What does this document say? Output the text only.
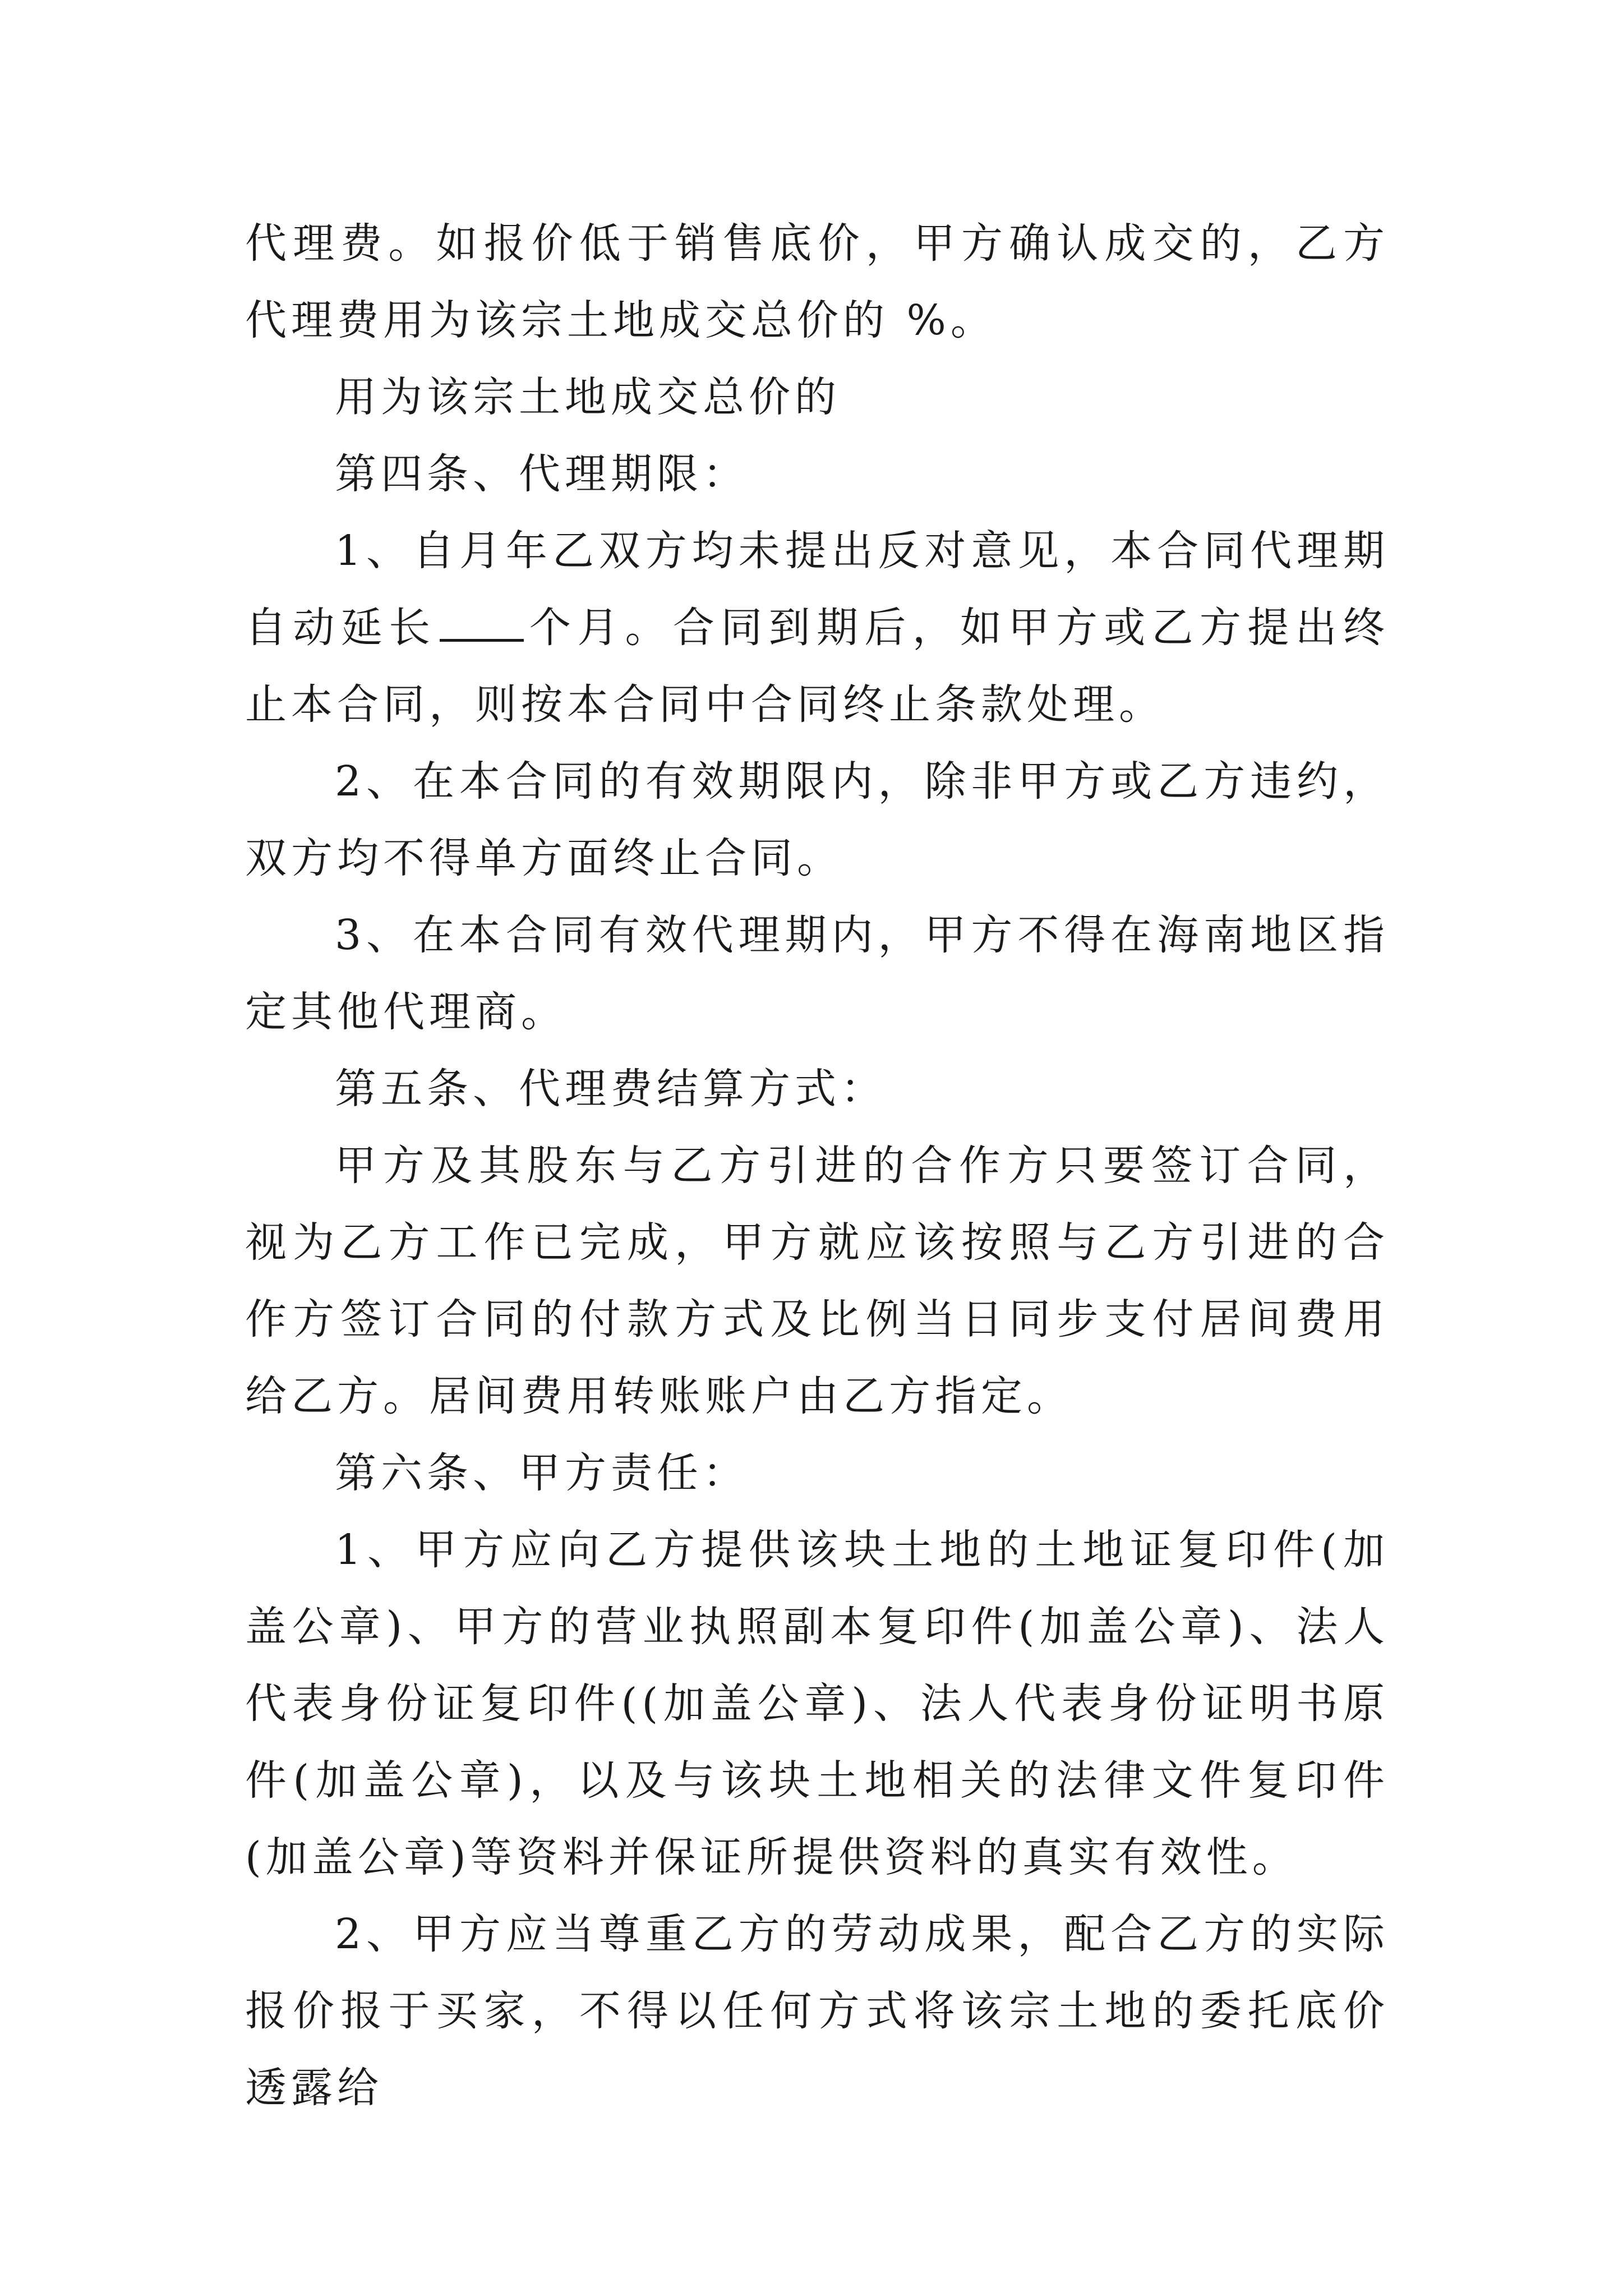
代理费。如报价低于销售底价，甲方确认成交的，乙方代理费用为该宗土地成交总价的 %。

用为该宗土地成交总价的

第四条、代理期限：

1、自月年乙双方均未提出反对意见，本合同代理期自动延长 个月。合同到期后，如甲方或乙方提出终止本合同，则按本合同中合同终止条款处理。

2、在本合同的有效期限内，除非甲方或乙方违约，双方均不得单方面终止合同。

3、在本合同有效代理期内，甲方不得在海南地区指定其他代理商。

第五条、代理费结算方式：

甲方及其股东与乙方引进的合作方只要签订合同，视为乙方工作已完成，甲方就应该按照与乙方引进的合作方签订合同的付款方式及比例当日同步支付居间费用给乙方。居间费用转账账户由乙方指定。

第六条、甲方责任：

1、甲方应向乙方提供该块土地的土地证复印件(加盖公章)、甲方的营业执照副本复印件(加盖公章)、法人代表身份证复印件((加盖公章)、法人代表身份证明书原件(加盖公章)，以及与该块土地相关的法律文件复印件(加盖公章)等资料并保证所提供资料的真实有效性。

2、甲方应当尊重乙方的劳动成果，配合乙方的实际报价报于买家，不得以任何方式将该宗土地的委托底价透露给
